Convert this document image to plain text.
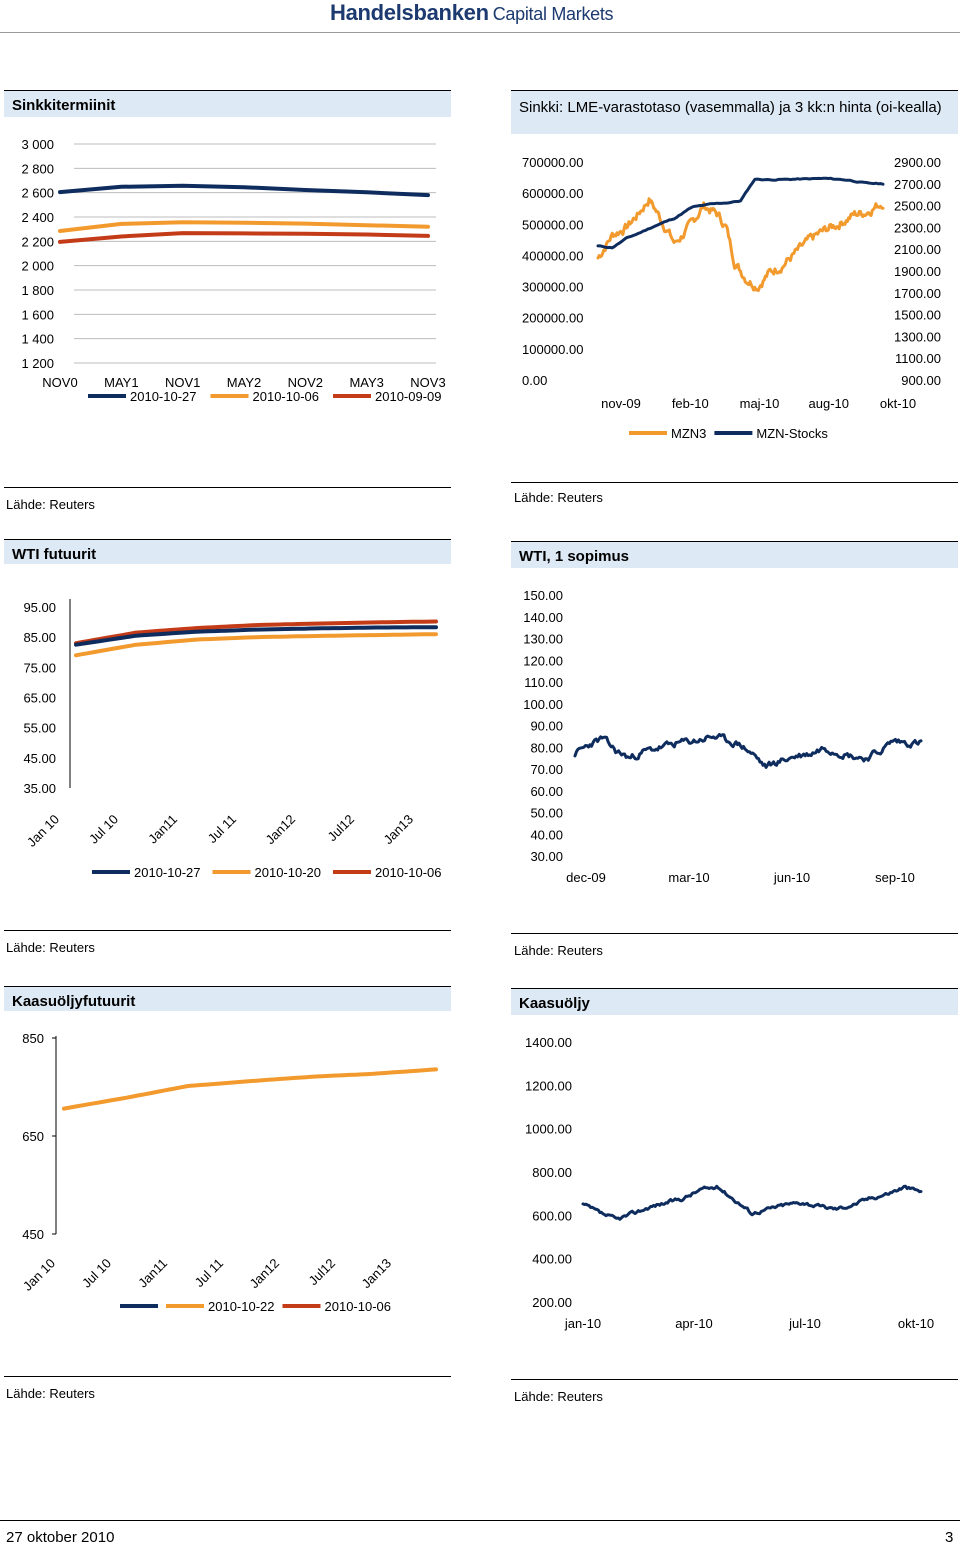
Handelsbanken Capital Markets
Sinkkitermiinit
3 000
2 800
2 600
2 400
2 200
2 000
1 800
1 600
1 400
1 200
NOV0 MAY1 NOV1 MAY2 NOV2 MAY3 NOV3
2010-10-27	2010-10-06	2010-09-09
Lähde: Reuters
Sinkki: LME-varastotaso (vasemmalla) ja 3 kk:n hinta (oi-kealla)
700000.00
600000.00
500000.00
400000.00
300000.00
200000.00
100000.00
0.00
2900.00
2700.00
2500.00
2300.00
2100.00
1900.00
1700.00
1500.00
1300.00
1100.00
900.00
nov-09 feb-10 maj-10 aug-10 okt-10
MZN3	MZN-Stocks
Lähde: Reuters
WTI futuurit
95.00
85.00
75.00
65.00
55.00
45.00
35.00
Jan 10 Jul 10 Jan11 Jul 11 Jan12 Jul12 Jan13
2010-10-27	2010-10-20	2010-10-06
Lähde: Reuters
WTI, 1 sopimus
150.00
140.00
130.00
120.00
110.00
100.00
90.00
80.00
70.00
60.00
50.00
40.00
30.00
dec-09	mar-10	jun-10	sep-10
Lähde: Reuters
Kaasuöljyfutuurit
850
650
450
Jan 10 Jul 10 Jan11 Jul 11 Jan12 Jul12 Jan13
2010-10-22	2010-10-06
Lähde: Reuters
Kaasuöljy
1400.00
1200.00
1000.00
800.00
600.00
400.00
200.00
jan-10	apr-10	jul-10	okt-10
Lähde: Reuters
27 oktober 2010	3
